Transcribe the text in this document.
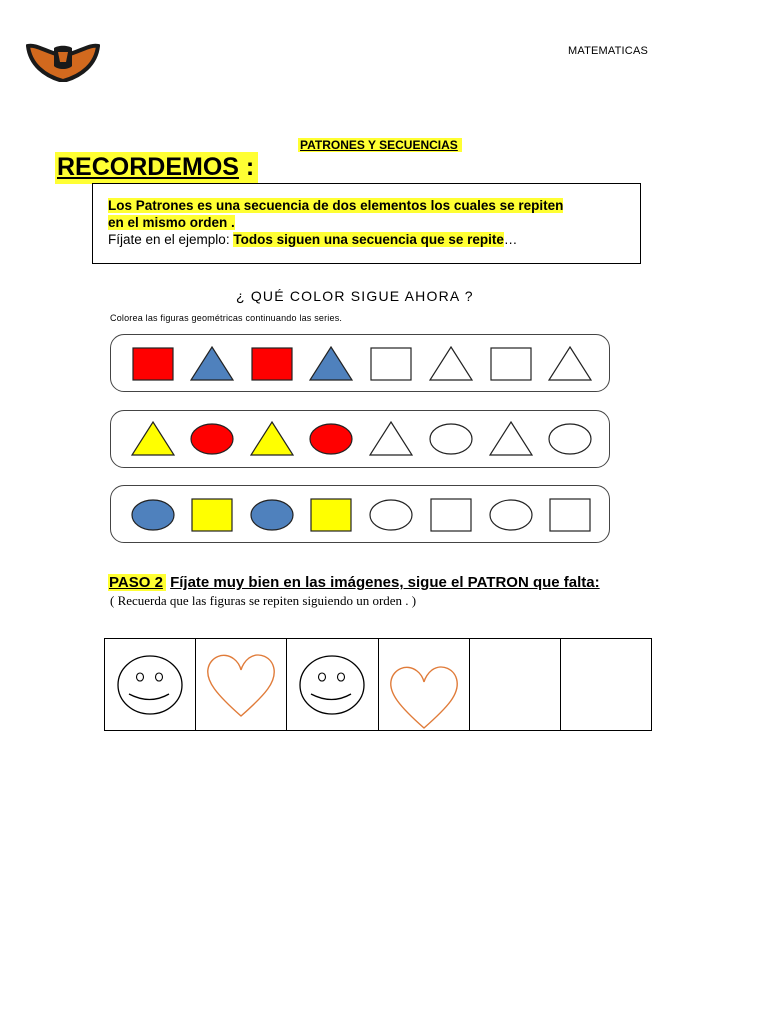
MATEMATICAS
PATRONES Y SECUENCIAS
RECORDEMOS :
Los Patrones es una secuencia de dos elementos los cuales se repiten
en el mismo orden .
Fíjate en el ejemplo: Todos siguen una secuencia que se repite…
¿ QUÉ COLOR SIGUE AHORA ?
Colorea las figuras geométricas continuando las series.
PASO 2 Fíjate muy bien en las imágenes, sigue el PATRON que falta:
( Recuerda que las figuras se repiten siguiendo un orden . )
